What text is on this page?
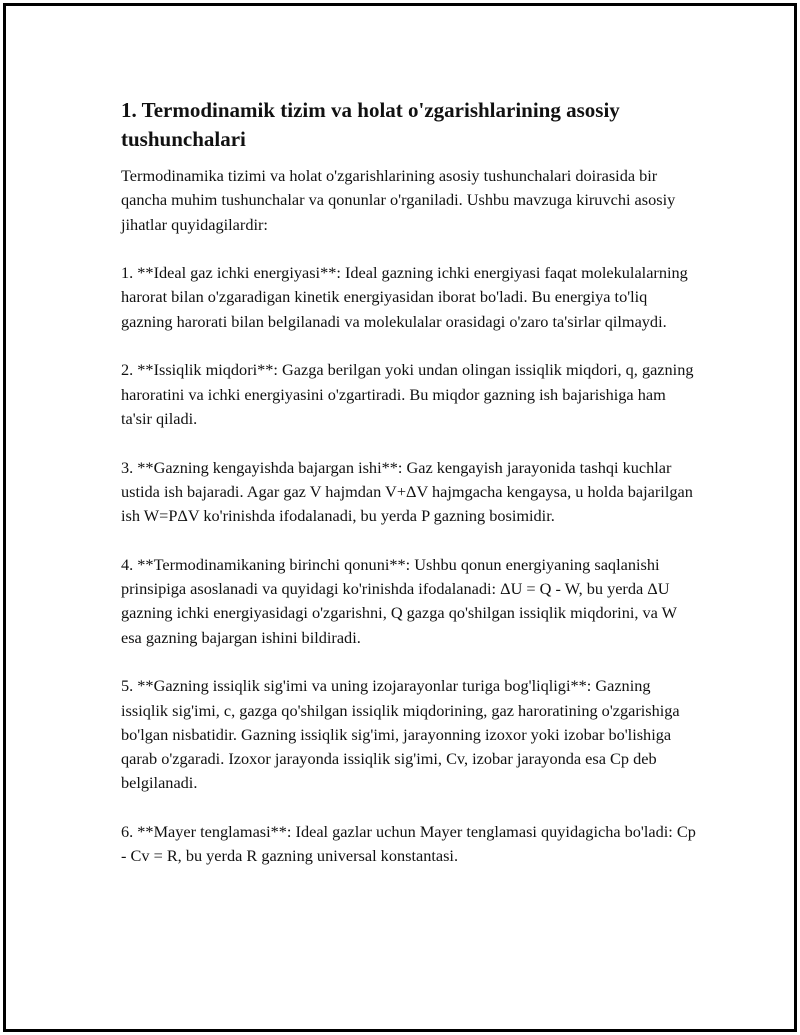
1. Termodinamik tizim va holat o'zgarishlarining asosiy tushunchalari

Termodinamika tizimi va holat o'zgarishlarining asosiy tushunchalari doirasida bir qancha muhim tushunchalar va qonunlar o'rganiladi. Ushbu mavzuga kiruvchi asosiy jihatlar quyidagilardir:

1. **Ideal gaz ichki energiyasi**: Ideal gazning ichki energiyasi faqat molekulalarning harorat bilan o'zgaradigan kinetik energiyasidan iborat bo'ladi. Bu energiya to'liq gazning harorati bilan belgilanadi va molekulalar orasidagi o'zaro ta'sirlar qilmaydi.

2. **Issiqlik miqdori**: Gazga berilgan yoki undan olingan issiqlik miqdori, q, gazning haroratini va ichki energiyasini o'zgartiradi. Bu miqdor gazning ish bajarishiga ham ta'sir qiladi.

3. **Gazning kengayishda bajargan ishi**: Gaz kengayish jarayonida tashqi kuchlar ustida ish bajaradi. Agar gaz V hajmdan V+ΔV hajmgacha kengaysa, u holda bajarilgan ish W=PΔV ko'rinishda ifodalanadi, bu yerda P gazning bosimidir.

4. **Termodinamikaning birinchi qonuni**: Ushbu qonun energiyaning saqlanishi prinsipiga asoslanadi va quyidagi ko'rinishda ifodalanadi: ΔU = Q - W, bu yerda ΔU gazning ichki energiyasidagi o'zgarishni, Q gazga qo'shilgan issiqlik miqdorini, va W esa gazning bajargan ishini bildiradi.

5. **Gazning issiqlik sig'imi va uning izojarayonlar turiga bog'liqligi**: Gazning issiqlik sig'imi, c, gazga qo'shilgan issiqlik miqdorining, gaz haroratining o'zgarishiga bo'lgan nisbatidir. Gazning issiqlik sig'imi, jarayonning izoxor yoki izobar bo'lishiga qarab o'zgaradi. Izoxor jarayonda issiqlik sig'imi, Cv, izobar jarayonda esa Cp deb belgilanadi.

6. **Mayer tenglamasi**: Ideal gazlar uchun Mayer tenglamasi quyidagicha bo'ladi: Cp - Cv = R, bu yerda R gazning universal konstantasi.
